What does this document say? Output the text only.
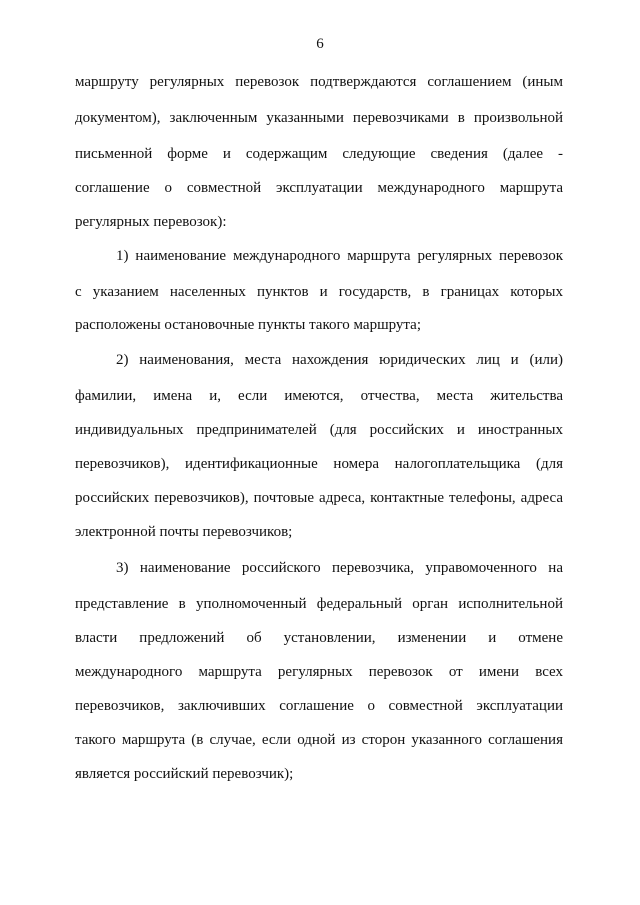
6
маршруту регулярных перевозок подтверждаются соглашением (иным
документом), заключенным указанными перевозчиками в произвольной
письменной форме и содержащим следующие сведения (далее -
соглашение о совместной эксплуатации международного маршрута
регулярных перевозок):
1) наименование международного маршрута регулярных перевозок
с указанием населенных пунктов и государств, в границах которых
расположены остановочные пункты такого маршрута;
2) наименования, места нахождения юридических лиц и (или)
фамилии, имена и, если имеются, отчества, места жительства
индивидуальных предпринимателей (для российских и иностранных
перевозчиков), идентификационные номера налогоплательщика (для
российских перевозчиков), почтовые адреса, контактные телефоны, адреса
электронной почты перевозчиков;
3) наименование российского перевозчика, управомоченного на
представление в уполномоченный федеральный орган исполнительной
власти предложений об установлении, изменении и отмене
международного маршрута регулярных перевозок от имени всех
перевозчиков, заключивших соглашение о совместной эксплуатации
такого маршрута (в случае, если одной из сторон указанного соглашения
является российский перевозчик);
